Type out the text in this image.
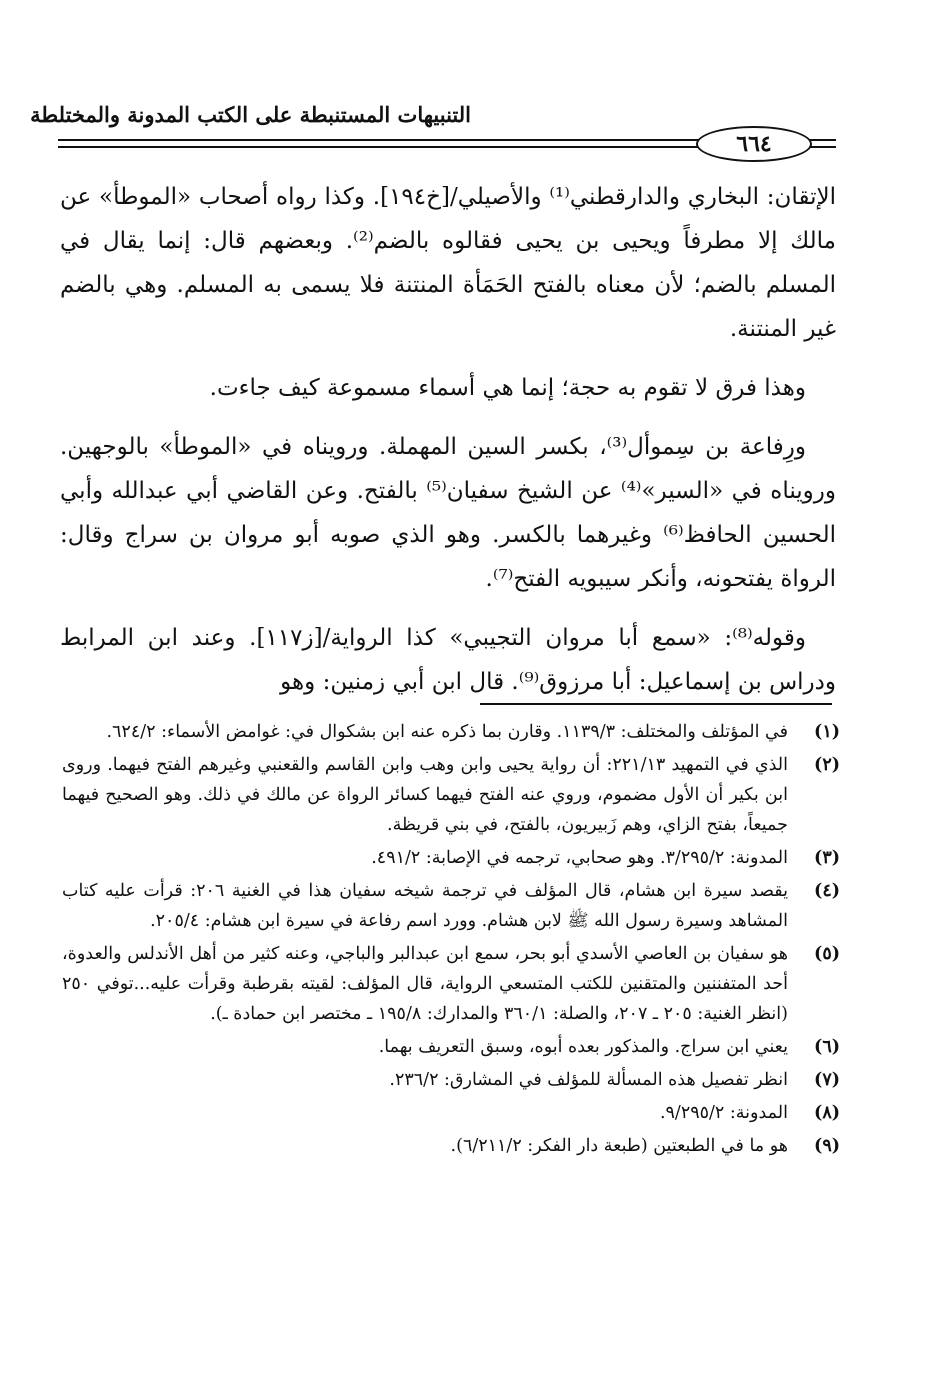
التنبيهات المستنبطة على الكتب المدونة والمختلطة
٦٦٤

الإتقان: البخاري والدارقطني⁽¹⁾ والأصيلي/[خ١٩٤]. وكذا رواه أصحاب «الموطأ» عن مالك إلا مطرفاً ويحيى بن يحيى فقالوه بالضم⁽²⁾. وبعضهم قال: إنما يقال في المسلم بالضم؛ لأن معناه بالفتح الحَمَأة المنتنة فلا يسمى به المسلم. وهي بالضم غير المنتنة.

وهذا فرق لا تقوم به حجة؛ إنما هي أسماء مسموعة كيف جاءت.

ورِفاعة بن سِموأل⁽³⁾، بكسر السين المهملة. ورويناه في «الموطأ» بالوجهين. ورويناه في «السير»⁽⁴⁾ عن الشيخ سفيان⁽⁵⁾ بالفتح. وعن القاضي أبي عبدالله وأبي الحسين الحافظ⁽⁶⁾ وغيرهما بالكسر. وهو الذي صوبه أبو مروان بن سراج وقال: الرواة يفتحونه، وأنكر سيبويه الفتح⁽⁷⁾.

وقوله⁽⁸⁾: «سمع أبا مروان التجيبي» كذا الرواية/[ز١١٧]. وعند ابن المرابط ودراس بن إسماعيل: أبا مرزوق⁽⁹⁾. قال ابن أبي زمنين: وهو

(١)
في المؤتلف والمختلف: ١١٣٩/٣. وقارن بما ذكره عنه ابن بشكوال في: غوامض الأسماء: ٦٢٤/٢.
(٢)
الذي في التمهيد ٢٢١/١٣: أن رواية يحيى وابن وهب وابن القاسم والقعنبي وغيرهم الفتح فيهما. وروى ابن بكير أن الأول مضموم، وروي عنه الفتح فيهما كسائر الرواة عن مالك في ذلك. وهو الصحيح فيهما جميعاً، بفتح الزاي، وهم زَبيريون، بالفتح، في بني قريظة.
(٣)
المدونة: ٣/٢٩٥/٢. وهو صحابي، ترجمه في الإصابة: ٤٩١/٢.
(٤)
يقصد سيرة ابن هشام، قال المؤلف في ترجمة شيخه سفيان هذا في الغنية ٢٠٦: قرأت عليه كتاب المشاهد وسيرة رسول الله ﷺ لابن هشام. وورد اسم رفاعة في سيرة ابن هشام: ٢٠٥/٤.
(٥)
هو سفيان بن العاصي الأسدي أبو بحر، سمع ابن عبدالبر والباجي، وعنه كثير من أهل الأندلس والعدوة، أحد المتفننين والمتقنين للكتب المتسعي الرواية، قال المؤلف: لقيته بقرطبة وقرأت عليه...توفي ٢٥٠ (انظر الغنية: ٢٠٥ ـ ٢٠٧، والصلة: ٣٦٠/١ والمدارك: ١٩٥/٨ ـ مختصر ابن حمادة ـ).
(٦)
يعني ابن سراج. والمذكور بعده أبوه، وسبق التعريف بهما.
(٧)
انظر تفصيل هذه المسألة للمؤلف في المشارق: ٢٣٦/٢.
(٨)
المدونة: ٩/٢٩٥/٢.
(٩)
هو ما في الطبعتين (طبعة دار الفكر: ٦/٢١١/٢).
